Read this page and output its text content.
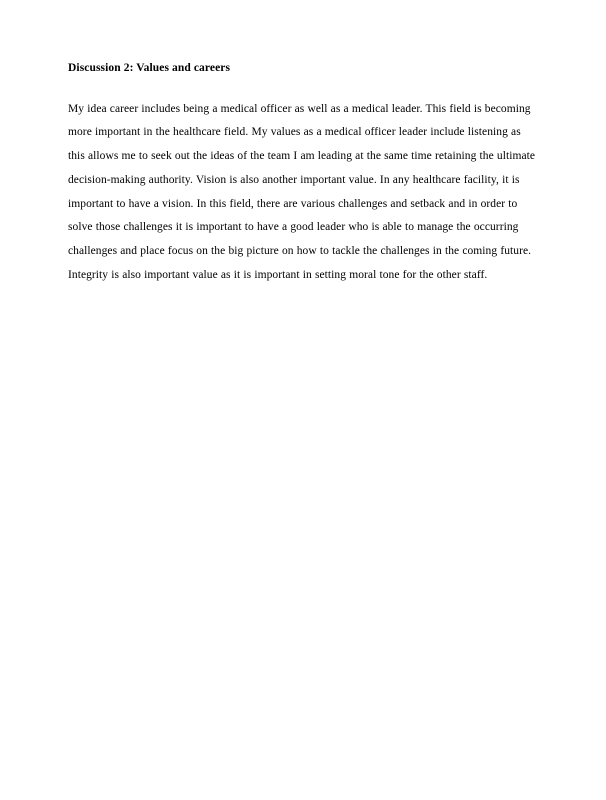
Discussion 2: Values and careers

My idea career includes being a medical officer as well as a medical leader. This field is becoming more important in the healthcare field. My values as a medical officer leader include listening as this allows me to seek out the ideas of the team I am leading at the same time retaining the ultimate decision-making authority. Vision is also another important value. In any healthcare facility, it is important to have a vision. In this field, there are various challenges and setback and in order to solve those challenges it is important to have a good leader who is able to manage the occurring challenges and place focus on the big picture on how to tackle the challenges in the coming future. Integrity is also important value as it is important in setting moral tone for the other staff.
